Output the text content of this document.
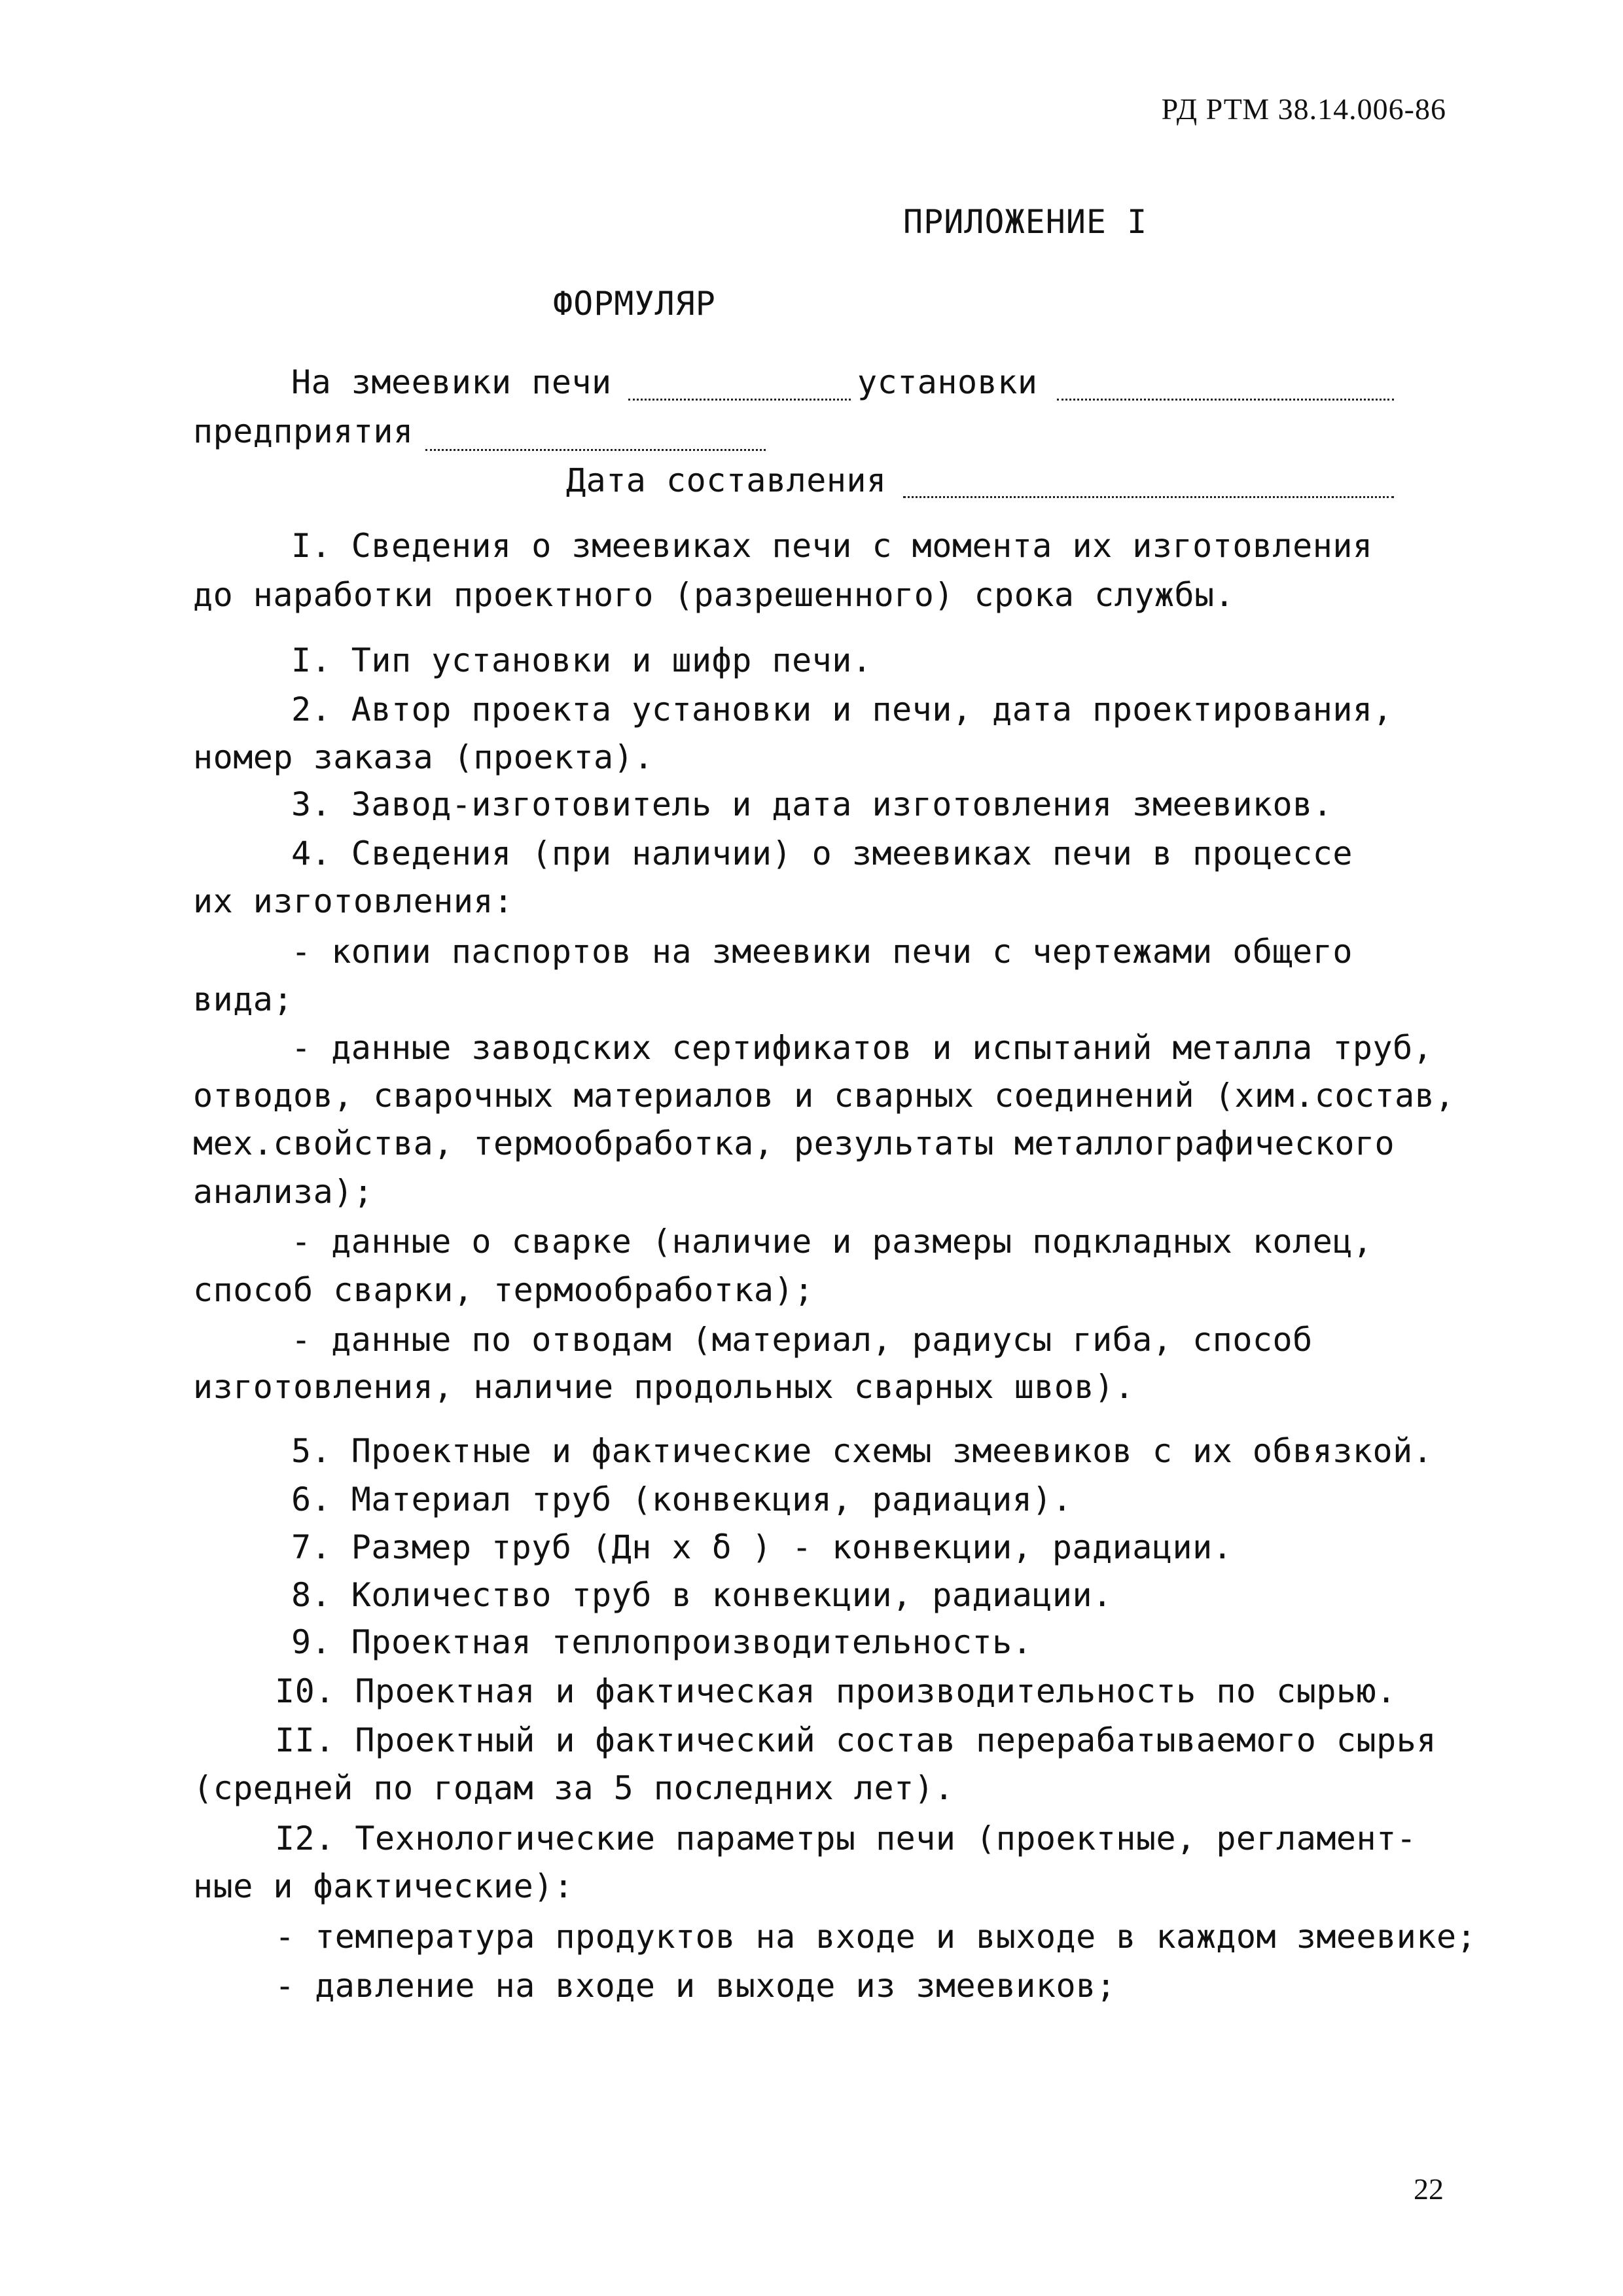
РД РТМ 38.14.006-86
ПРИЛОЖЕНИЕ I
ФОРМУЛЯР
На змеевики печи	установки
предприятия
Дата составления
I. Сведения о змеевиках печи с момента их изготовления
до наработки проектного (разрешенного) срока службы.
I. Тип установки и шифр печи.
2. Автор проекта установки и печи, дата проектирования,
номер заказа (проекта).
3. Завод-изготовитель и дата изготовления змеевиков.
4. Сведения (при наличии) о змеевиках печи в процессе
их изготовления:
- копии паспортов на змеевики печи с чертежами общего
вида;
- данные заводских сертификатов и испытаний металла труб,
отводов, сварочных материалов и сварных соединений (хим.состав,
мех.свойства, термообработка, результаты металлографического
анализа);
- данные о сварке (наличие и размеры подкладных колец,
способ сварки, термообработка);
- данные по отводам (материал, радиусы гиба, способ
изготовления, наличие продольных сварных швов).
5. Проектные и фактические схемы змеевиков с их обвязкой.
6. Материал труб (конвекция, радиация).
7. Размер труб (Дн х δ ) - конвекции, радиации.
8. Количество труб в конвекции, радиации.
9. Проектная теплопроизводительность.
I0. Проектная и фактическая производительность по сырью.
II. Проектный и фактический состав перерабатываемого сырья
(средней по годам за 5 последних лет).
I2. Технологические параметры печи (проектные, регламент-
ные и фактические):
- температура продуктов на входе и выходе в каждом змеевике;
- давление на входе и выходе из змеевиков;
22
